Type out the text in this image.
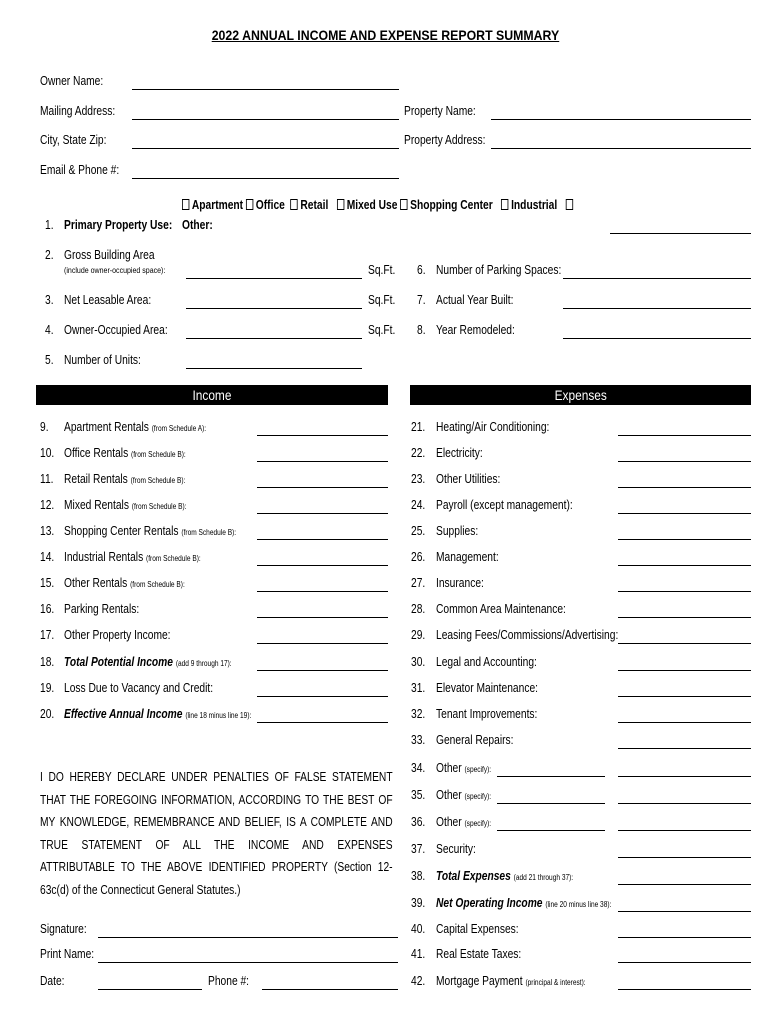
2022 ANNUAL INCOME AND EXPENSE REPORT SUMMARY
Owner Name:
Mailing Address:	Property Name:
City, State Zip:	Property Address:
Email & Phone #:
Apartment Office Retail Mixed Use Shopping Center Industrial
1. Primary Property Use: Other:
2. Gross Building Area
(include owner-occupied space):	Sq.Ft. 6. Number of Parking Spaces:
3. Net Leasable Area:	Sq.Ft. 7. Actual Year Built:
4. Owner-Occupied Area:	Sq.Ft. 8. Year Remodeled:
5. Number of Units:
Income	Expenses
9. Apartment Rentals (from Schedule A):
10. Office Rentals (from Schedule B):
11. Retail Rentals (from Schedule B):
12. Mixed Rentals (from Schedule B):
13. Shopping Center Rentals (from Schedule B):
14. Industrial Rentals (from Schedule B):
15. Other Rentals (from Schedule B):
16. Parking Rentals:
17. Other Property Income:
18. Total Potential Income (add 9 through 17):
19. Loss Due to Vacancy and Credit:
20. Effective Annual Income (line 18 minus line 19):
21. Heating/Air Conditioning:
22. Electricity:
23. Other Utilities:
24. Payroll (except management):
25. Supplies:
26. Management:
27. Insurance:
28. Common Area Maintenance:
29. Leasing Fees/Commissions/Advertising:
30. Legal and Accounting:
31. Elevator Maintenance:
32. Tenant Improvements:
33. General Repairs:
34. Other (specify):
35. Other (specify):
36. Other (specify):
37. Security:
38. Total Expenses (add 21 through 37):
39. Net Operating Income (line 20 minus line 38):
40. Capital Expenses:
41. Real Estate Taxes:
42. Mortgage Payment (principal & interest):
I DO HEREBY DECLARE UNDER PENALTIES OF FALSE STATEMENT THAT THE FOREGOING INFORMATION, ACCORDING TO THE BEST OF MY KNOWLEDGE, REMEMBRANCE AND BELIEF, IS A COMPLETE AND TRUE STATEMENT OF ALL THE INCOME AND EXPENSES ATTRIBUTABLE TO THE ABOVE IDENTIFIED PROPERTY (Section 12-63c(d) of the Connecticut General Statutes.)
Signature:
Print Name:
Date:	Phone #:
